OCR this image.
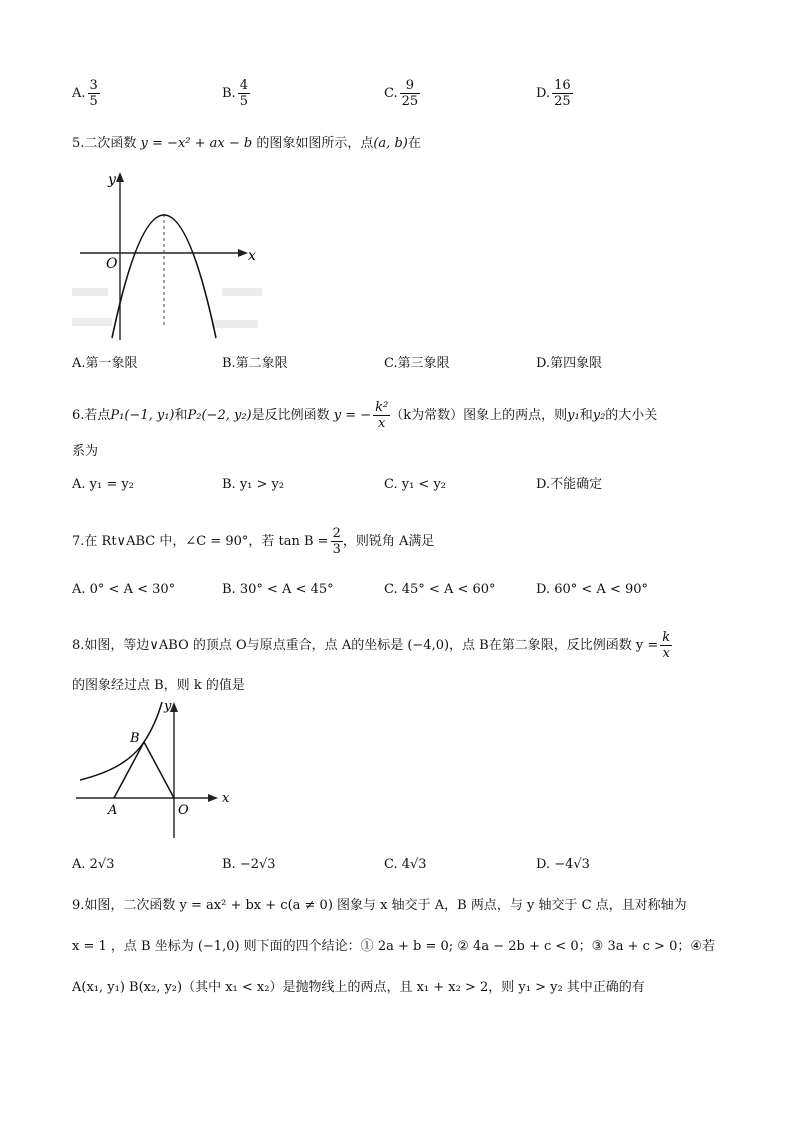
A. $\frac{3}{5}$	B. $\frac{4}{5}$	C. $\frac{9}{25}$	D. $\frac{16}{25}$
5.二次函数 y = −x² + ax − b 的图象如图所示，点(a, b)在
y
x
O
A.第一象限	B.第二象限	C.第三象限	D.第四象限
6.若点P₁(−1, y₁)和P₂(−2, y₂)是反比例函数 y = − $\frac{\text{k²}}{x} (k$为常数）图象上的两点，则y₁和y₂的大小关
系为
A. y₁ = y₂	B. y₁ > y₂	C. y₁ < y₂	D.不能确定
7.在 Rt∨ABC 中，∠C = 90°，若 $\tan B = \frac{2}{3}$ ，则锐角 A满足
A. 0° < A < 30°	B. 30° < A < 45°	C. 45° < A < 60°	D. 60° < A < 90°
8.如图，等边∨ABO 的顶点 O与原点重合，点 A的坐标是 (−4,0)，点 B在第二象限，反比例函数 $y = \frac{k}{x}$
的图象经过点 B，则 k 的值是
A
B
O
x
y
A. 2√3	B. −2√3	C. 4√3	D. −4√3
9.如图，二次函数 y = ax² + bx + c(a ≠ 0) 图象与 x 轴交于 A，B 两点，与 y 轴交于 C 点，且对称轴为
x = 1 ，点 B 坐标为 (−1,0) 则下面的四个结论：① 2a + b = 0; ② 4a − 2b + c < 0；③ 3a + c > 0；④若
A(x₁, y₁) B(x₂, y₂)（其中 x₁ < x₂）是抛物线上的两点，且 x₁ + x₂ > 2，则 y₁ > y₂ 其中正确的有
